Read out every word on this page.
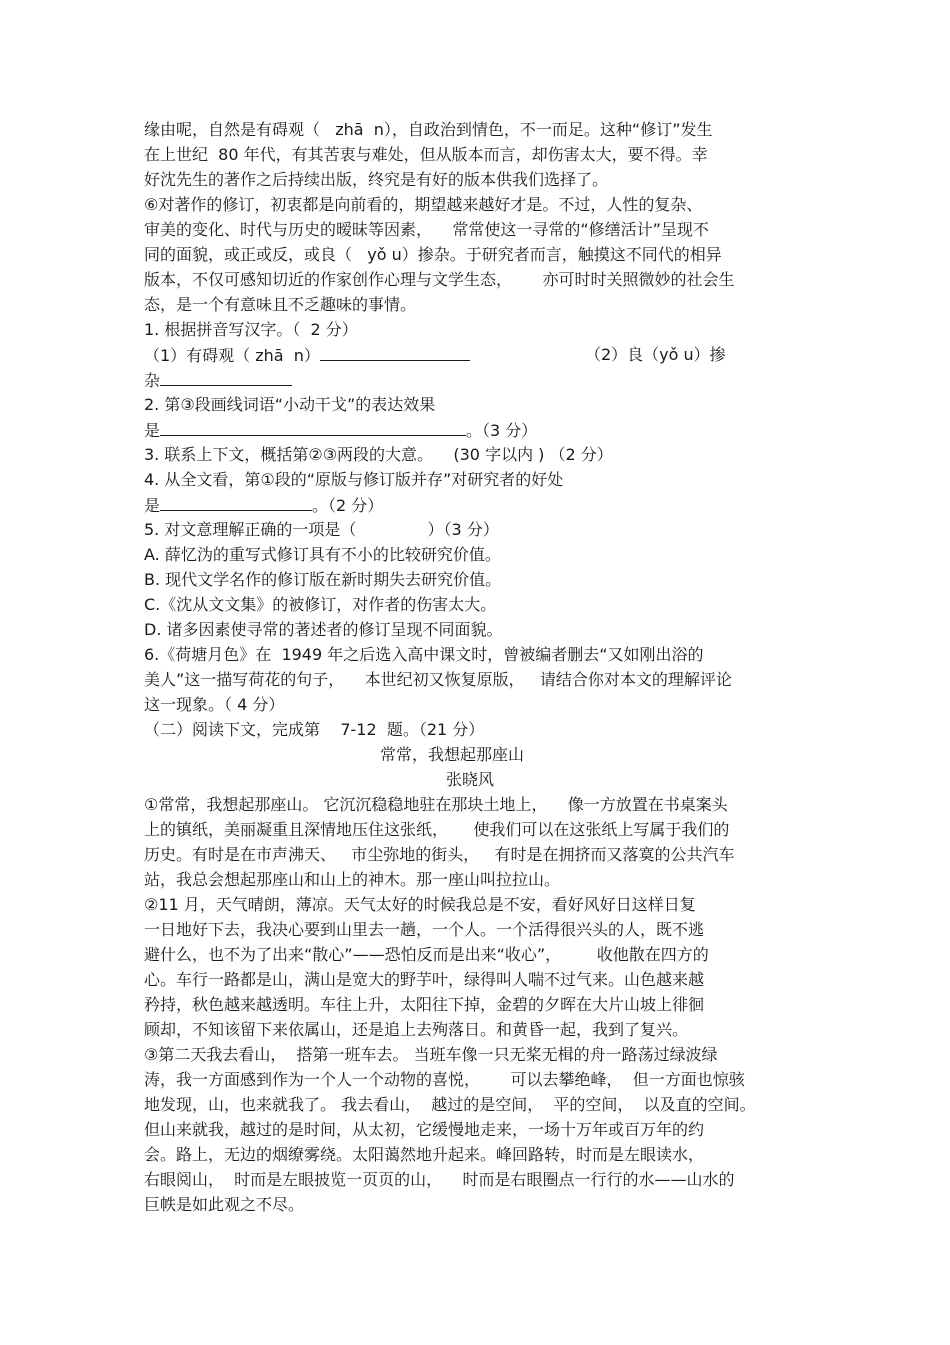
缘由呢，自然是有碍观（   zhā  n），自政治到情色，不一而足。这种“修订”发生
在上世纪  80 年代，有其苦衷与难处，但从版本而言，却伤害太大，要不得。幸
好沈先生的著作之后持续出版，终究是有好的版本供我们选择了。
⑥对著作的修订，初衷都是向前看的，期望越来越好才是。不过，人性的复杂、
审美的变化、时代与历史的暧昧等因素，    常常使这一寻常的“修缮活计”呈现不
同的面貌，或正或反，或良（   yǒ u）掺杂。于研究者而言，触摸这不同代的相异
版本，不仅可感知切近的作家创作心理与文学生态，      亦可时时关照微妙的社会生
态，是一个有意味且不乏趣味的事情。
1. 根据拼音写汉字。（  2 分）
（1）有碍观（ zhā  n）	（2）良（yǒ u）掺
杂
2. 第③段画线词语“小动干戈”的表达效果
是	。（3 分）
3. 联系上下文，概括第②③两段的大意。    (30 字以内 ) （2 分）
4. 从全文看，第①段的“原版与修订版并存”对研究者的好处
是	。（2 分）
5. 对文意理解正确的一项是（              ）（3 分）
A. 薛忆沩的重写式修订具有不小的比较研究价值。
B. 现代文学名作的修订版在新时期失去研究价值。
C.《沈从文文集》的被修订，对作者的伤害太大。
D. 诸多因素使寻常的著述者的修订呈现不同面貌。
6.《荷塘月色》在  1949 年之后选入高中课文时，曾被编者删去“又如刚出浴的
美人”这一描写荷花的句子，    本世纪初又恢复原版，   请结合你对本文的理解评论
这一现象。（ 4 分）
（二）阅读下文，完成第    7-12  题。（21 分）
常常，我想起那座山
张晓风
①常常，我想起那座山。 它沉沉稳稳地驻在那块土地上，    像一方放置在书桌案头
上的镇纸，美丽凝重且深情地压住这张纸，     使我们可以在这张纸上写属于我们的
历史。有时是在市声沸天、   市尘弥地的街头，   有时是在拥挤而又落寞的公共汽车
站，我总会想起那座山和山上的神木。那一座山叫拉拉山。
②11 月，天气晴朗，薄凉。天气太好的时候我总是不安，看好风好日这样日复
一日地好下去，我决心要到山里去一趟，一个人。一个活得很兴头的人，既不逃
避什么，也不为了出来“散心”——恐怕反而是出来“收心”，       收他散在四方的
心。车行一路都是山，满山是宽大的野芋叶，绿得叫人喘不过气来。山色越来越
矜持，秋色越来越透明。车往上升，太阳往下掉，金碧的夕晖在大片山坡上徘徊
顾却，不知该留下来依属山，还是追上去殉落日。和黄昏一起，我到了复兴。
③第二天我去看山，  搭第一班车去。 当班车像一只无桨无楫的舟一路荡过绿波绿
涛，我一方面感到作为一个人一个动物的喜悦，      可以去攀绝峰，  但一方面也惊骇
地发现，山，也来就我了。 我去看山，  越过的是空间，  平的空间，  以及直的空间。
但山来就我，越过的是时间，从太初，它缓慢地走来，一场十万年或百万年的约
会。路上，无边的烟缭雾绕。太阳蔼然地升起来。峰回路转，时而是左眼读水，
右眼阅山，  时而是左眼披览一页页的山，    时而是右眼圈点一行行的水——山水的
巨帙是如此观之不尽。
